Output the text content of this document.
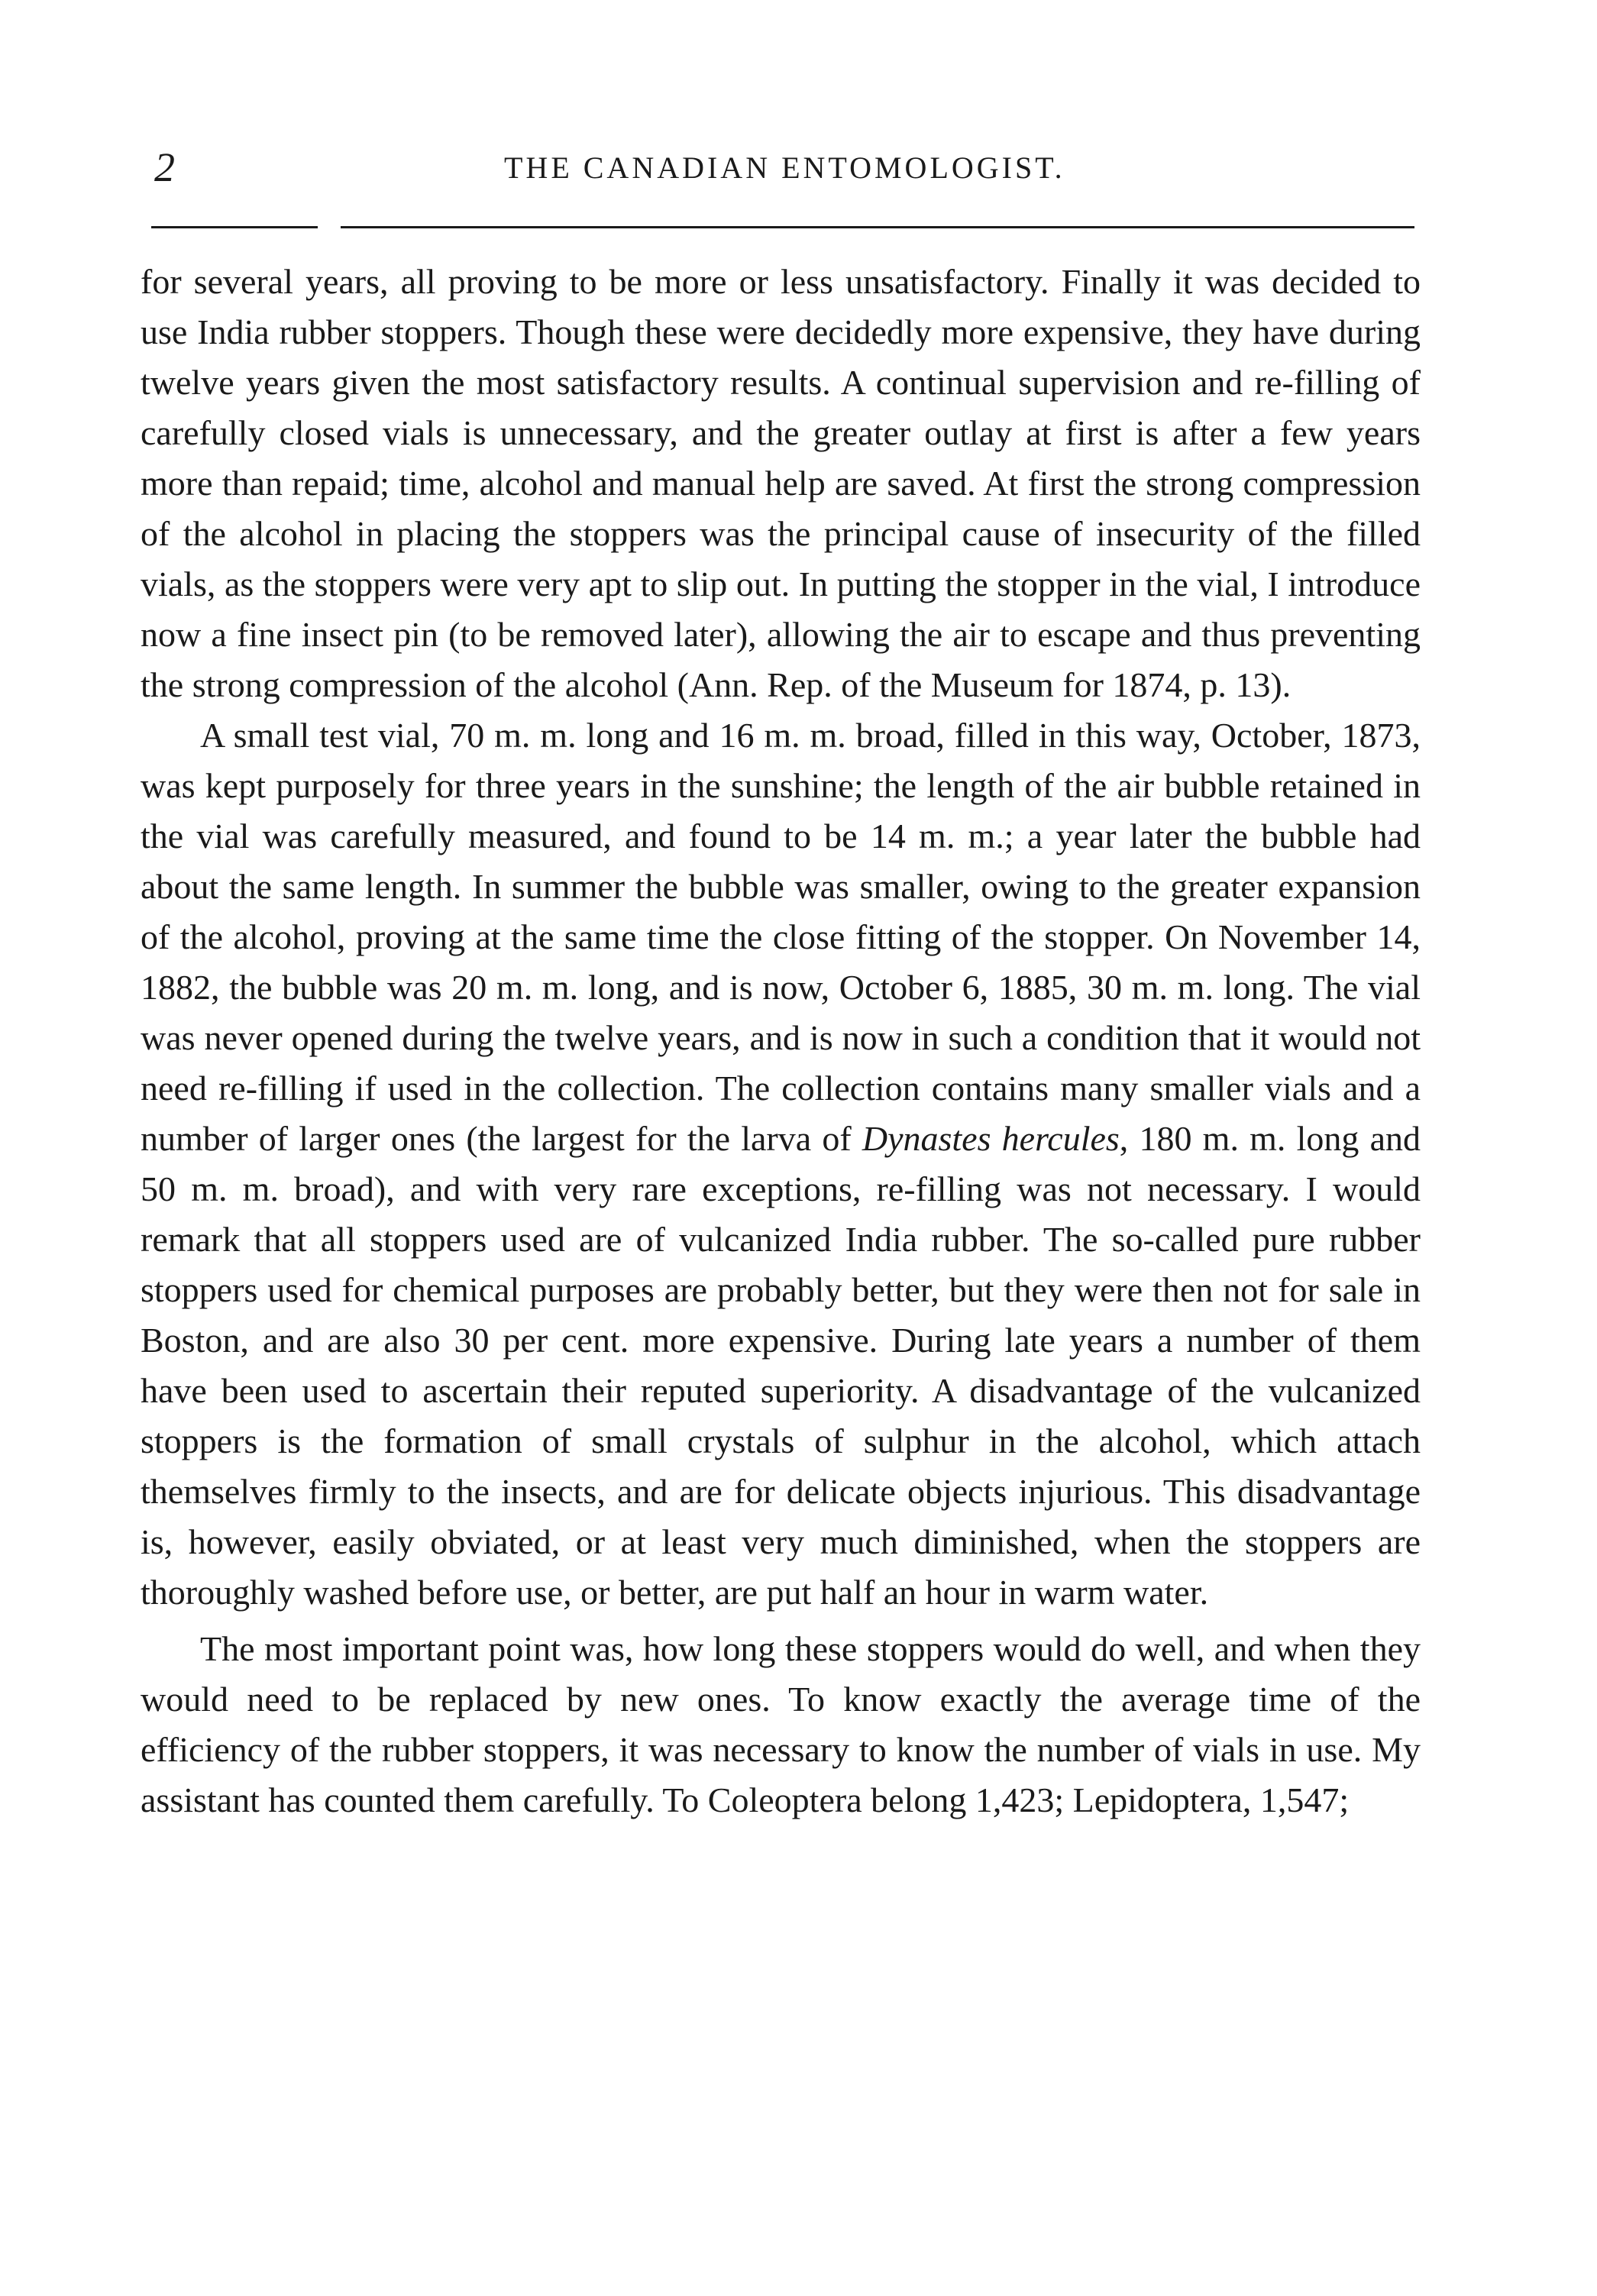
2	THE CANADIAN ENTOMOLOGIST.

for several years, all proving to be more or less unsatisfactory. Finally it was decided to use India rubber stoppers. Though these were decidedly more expensive, they have during twelve years given the most satisfactory results. A continual supervision and re-filling of carefully closed vials is unnecessary, and the greater outlay at first is after a few years more than repaid; time, alcohol and manual help are saved. At first the strong compression of the alcohol in placing the stoppers was the principal cause of insecurity of the filled vials, as the stoppers were very apt to slip out. In putting the stopper in the vial, I introduce now a fine insect pin (to be removed later), allowing the air to escape and thus preventing the strong compression of the alcohol (Ann. Rep. of the Museum for 1874, p. 13).

A small test vial, 70 m. m. long and 16 m. m. broad, filled in this way, October, 1873, was kept purposely for three years in the sunshine; the length of the air bubble retained in the vial was carefully measured, and found to be 14 m. m.; a year later the bubble had about the same length. In summer the bubble was smaller, owing to the greater expansion of the alcohol, proving at the same time the close fitting of the stopper. On November 14, 1882, the bubble was 20 m. m. long, and is now, October 6, 1885, 30 m. m. long. The vial was never opened during the twelve years, and is now in such a condition that it would not need re-filling if used in the collection. The collection contains many smaller vials and a number of larger ones (the largest for the larva of Dynastes hercules, 180 m. m. long and 50 m. m. broad), and with very rare exceptions, re-filling was not necessary. I would remark that all stoppers used are of vulcanized India rubber. The so-called pure rubber stoppers used for chemical purposes are probably better, but they were then not for sale in Boston, and are also 30 per cent. more expensive. During late years a number of them have been used to ascertain their reputed superiority. A disadvantage of the vulcanized stoppers is the formation of small crystals of sulphur in the alcohol, which attach themselves firmly to the insects, and are for delicate objects injurious. This disadvantage is, however, easily obviated, or at least very much diminished, when the stoppers are thoroughly washed before use, or better, are put half an hour in warm water.

The most important point was, how long these stoppers would do well, and when they would need to be replaced by new ones. To know exactly the average time of the efficiency of the rubber stoppers, it was necessary to know the number of vials in use. My assistant has counted them carefully. To Coleoptera belong 1,423; Lepidoptera, 1,547;
